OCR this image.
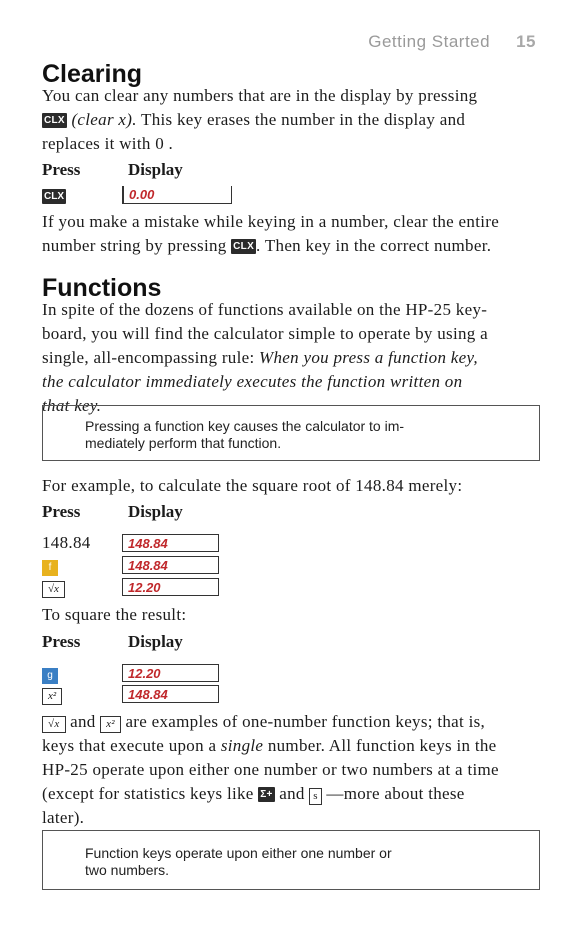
Getting Started 15
Clearing

You can clear any numbers that are in the display by pressing

CLX (clear x). This key erases the number in the display and

replaces it with 0 .

Press	Display
CLX	0.00

If you make a mistake while keying in a number, clear the entire

number string by pressing CLX . Then key in the correct number.

Functions

In spite of the dozens of functions available on the HP-25 key-

board, you will find the calculator simple to operate by using a

single, all-encompassing rule: When you press a function key,

the calculator immediately executes the function written on

that key.

Pressing a function key causes the calculator to im-
mediately perform that function.

For example, to calculate the square root of 148.84 merely:

Press	Display
148.84	148.84
f	148.84
√x	12.20

To square the result:

Press	Display
g	12.20
x²	148.84

√x and x² are examples of one-number function keys; that is,

keys that execute upon a single number. All function keys in the

HP-25 operate upon either one number or two numbers at a time

(except for statistics keys like Σ+ and s —more about these

later).

Function keys operate upon either one number or
two numbers.
